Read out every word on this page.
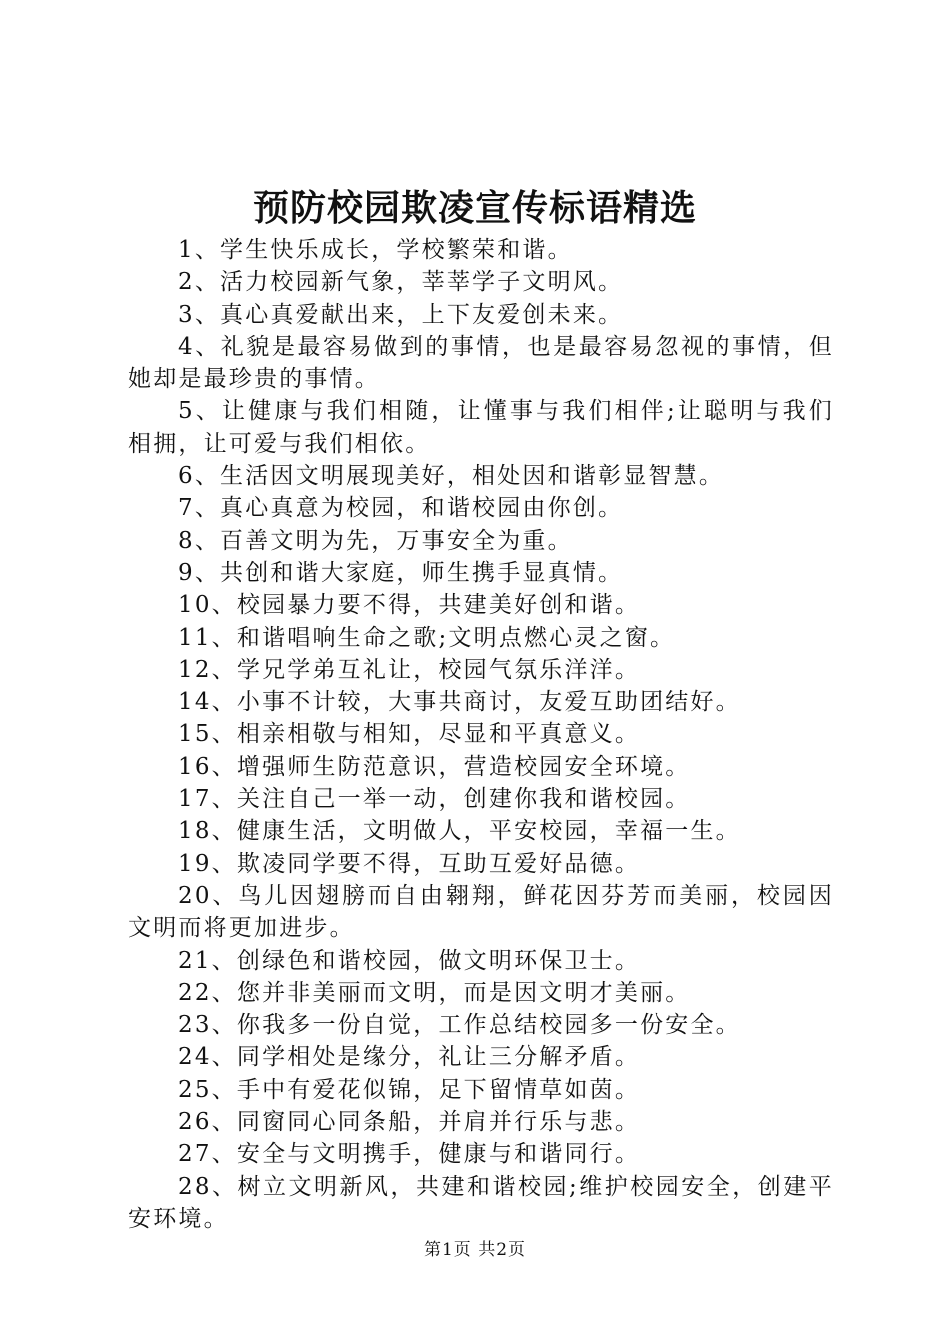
预防校园欺凌宣传标语精选

1、学生快乐成长，学校繁荣和谐。

2、活力校园新气象，莘莘学子文明风。

3、真心真爱献出来，上下友爱创未来。

4、礼貌是最容易做到的事情，也是最容易忽视的事情，但她却是最珍贵的事情。

5、让健康与我们相随，让懂事与我们相伴;让聪明与我们相拥，让可爱与我们相依。

6、生活因文明展现美好，相处因和谐彰显智慧。

7、真心真意为校园，和谐校园由你创。

8、百善文明为先，万事安全为重。

9、共创和谐大家庭，师生携手显真情。

10、校园暴力要不得，共建美好创和谐。

11、和谐唱响生命之歌;文明点燃心灵之窗。

12、学兄学弟互礼让，校园气氛乐洋洋。

14、小事不计较，大事共商讨，友爱互助团结好。

15、相亲相敬与相知，尽显和平真意义。

16、增强师生防范意识，营造校园安全环境。

17、关注自己一举一动，创建你我和谐校园。

18、健康生活，文明做人，平安校园，幸福一生。

19、欺凌同学要不得，互助互爱好品德。

20、鸟儿因翅膀而自由翱翔，鲜花因芬芳而美丽，校园因文明而将更加进步。

21、创绿色和谐校园，做文明环保卫士。

22、您并非美丽而文明，而是因文明才美丽。

23、你我多一份自觉，工作总结校园多一份安全。

24、同学相处是缘分，礼让三分解矛盾。

25、手中有爱花似锦，足下留情草如茵。

26、同窗同心同条船，并肩并行乐与悲。

27、安全与文明携手，健康与和谐同行。

28、树立文明新风，共建和谐校园;维护校园安全，创建平安环境。

第1页 共2页
